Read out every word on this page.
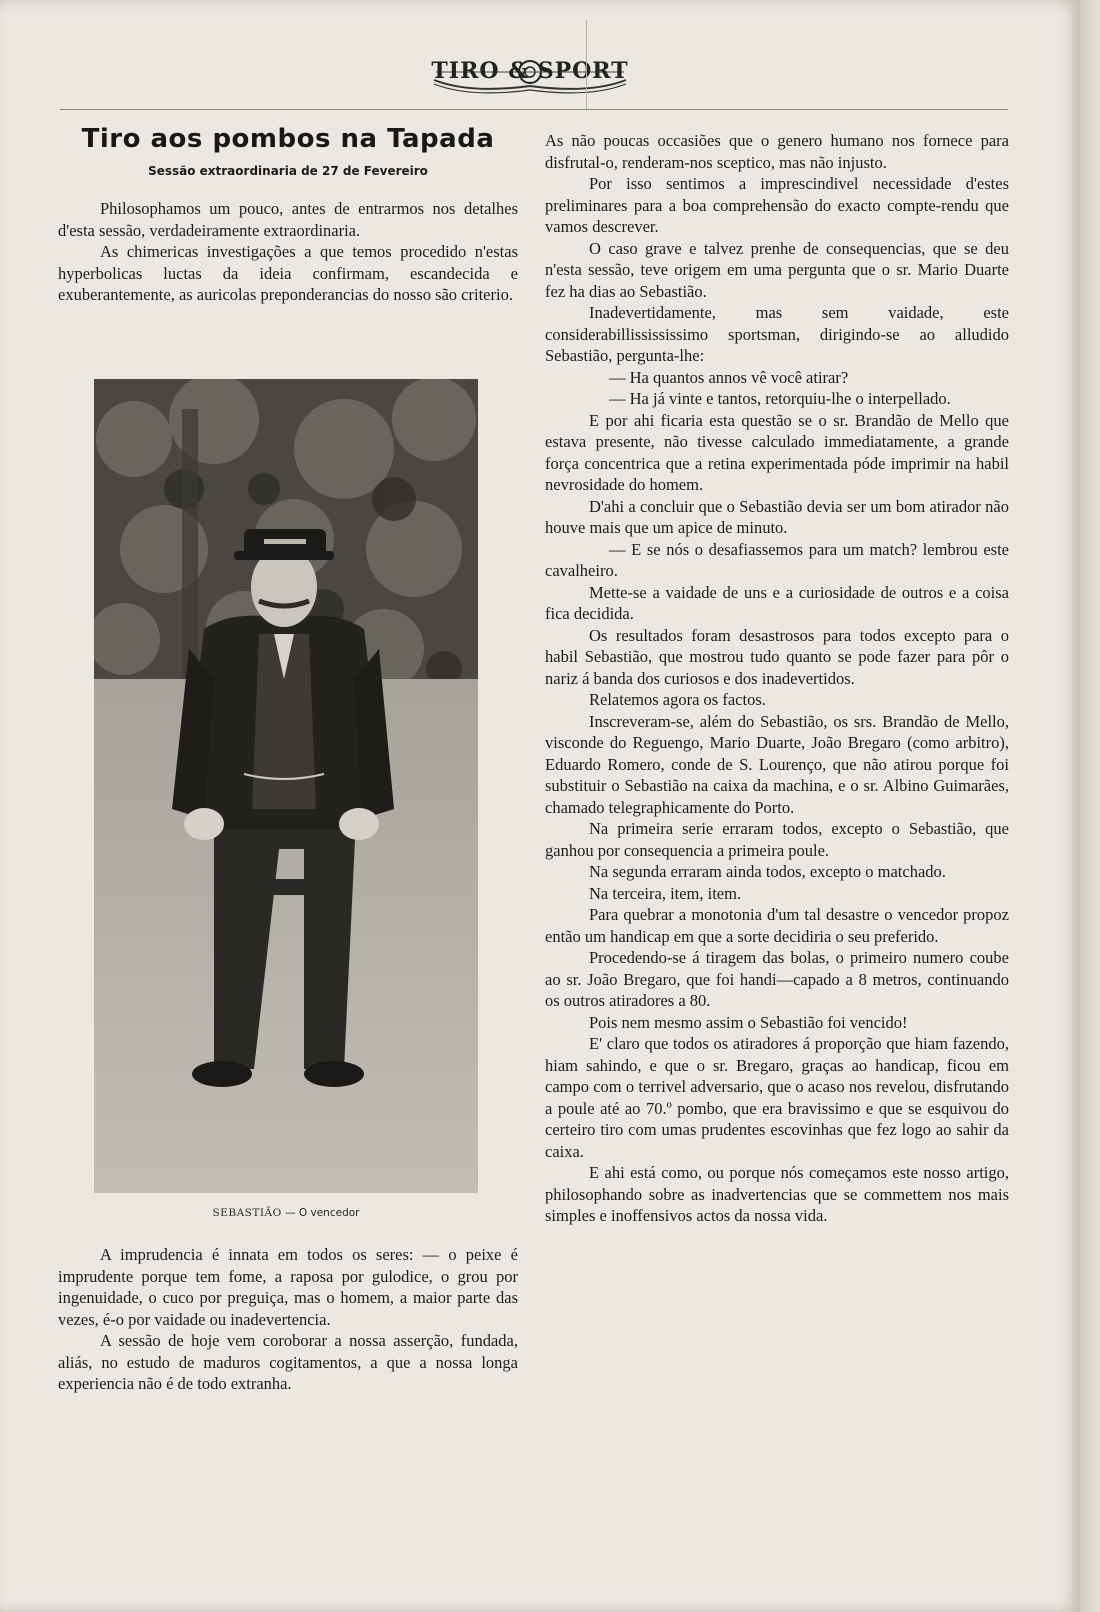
TIRO & SPORT
Tiro aos pombos na Tapada
Sessão extraordinaria de 27 de Fevereiro

Philosophamos um pouco, antes de entrarmos nos detalhes d'esta sessão, verdadeiramente extraordinaria.

As chimericas investigações a que temos procedido n'estas hyperbolicas luctas da ideia confirmam, escandecida e exuberantemente, as auricolas preponderancias do nosso são criterio.

SEBASTIÃO — O vencedor

A imprudencia é innata em todos os seres: — o peixe é imprudente porque tem fome, a raposa por gulodice, o grou por ingenuidade, o cuco por preguiça, mas o homem, a maior parte das vezes, é-o por vaidade ou inadevertencia.

A sessão de hoje vem coroborar a nossa asserção, fundada, aliás, no estudo de maduros cogitamentos, a que a nossa longa experiencia não é de todo extranha.

As não poucas occasiões que o genero humano nos fornece para disfrutal-o, renderam-nos sceptico, mas não injusto.

Por isso sentimos a imprescindivel necessidade d'estes preliminares para a boa comprehensão do exacto compte-rendu que vamos descrever.

O caso grave e talvez prenhe de consequencias, que se deu n'esta sessão, teve origem em uma pergunta que o sr. Mario Duarte fez ha dias ao Sebastião.

Inadevertidamente, mas sem vaidade, este considerabillissississimo sportsman, dirigindo-se ao alludido Sebastião, pergunta-lhe:

— Ha quantos annos vê você atirar?

— Ha já vinte e tantos, retorquiu-lhe o interpellado.

E por ahi ficaria esta questão se o sr. Brandão de Mello que estava presente, não tivesse calculado immediatamente, a grande força concentrica que a retina experimentada póde imprimir na habil nevrosidade do homem.

D'ahi a concluir que o Sebastião devia ser um bom atirador não houve mais que um apice de minuto.

— E se nós o desafiassemos para um match? lembrou este cavalheiro.

Mette-se a vaidade de uns e a curiosidade de outros e a coisa fica decidida.

Os resultados foram desastrosos para todos excepto para o habil Sebastião, que mostrou tudo quanto se pode fazer para pôr o nariz á banda dos curiosos e dos inadevertidos.

Relatemos agora os factos.

Inscreveram-se, além do Sebastião, os srs. Brandão de Mello, visconde do Reguengo, Mario Duarte, João Bregaro (como arbitro), Eduardo Romero, conde de S. Lourenço, que não atirou porque foi substituir o Sebastião na caixa da machina, e o sr. Albino Guimarães, chamado telegraphicamente do Porto.

Na primeira serie erraram todos, excepto o Sebastião, que ganhou por consequencia a primeira poule.

Na segunda erraram ainda todos, excepto o matchado.

Na terceira, item, item.

Para quebrar a monotonia d'um tal desastre o vencedor propoz então um handicap em que a sorte decidiria o seu preferido.

Procedendo-se á tiragem das bolas, o primeiro numero coube ao sr. João Bregaro, que foi handi—capado a 8 metros, continuando os outros atiradores a 80.

Pois nem mesmo assim o Sebastião foi vencido!

E' claro que todos os atiradores á proporção que hiam fazendo, hiam sahindo, e que o sr. Bregaro, graças ao handicap, ficou em campo com o terrivel adversario, que o acaso nos revelou, disfrutando a poule até ao 70.º pombo, que era bravissimo e que se esquivou do certeiro tiro com umas prudentes escovinhas que fez logo ao sahir da caixa.

E ahi está como, ou porque nós começamos este nosso artigo, philosophando sobre as inadvertencias que se commettem nos mais simples e inoffensivos actos da nossa vida.
